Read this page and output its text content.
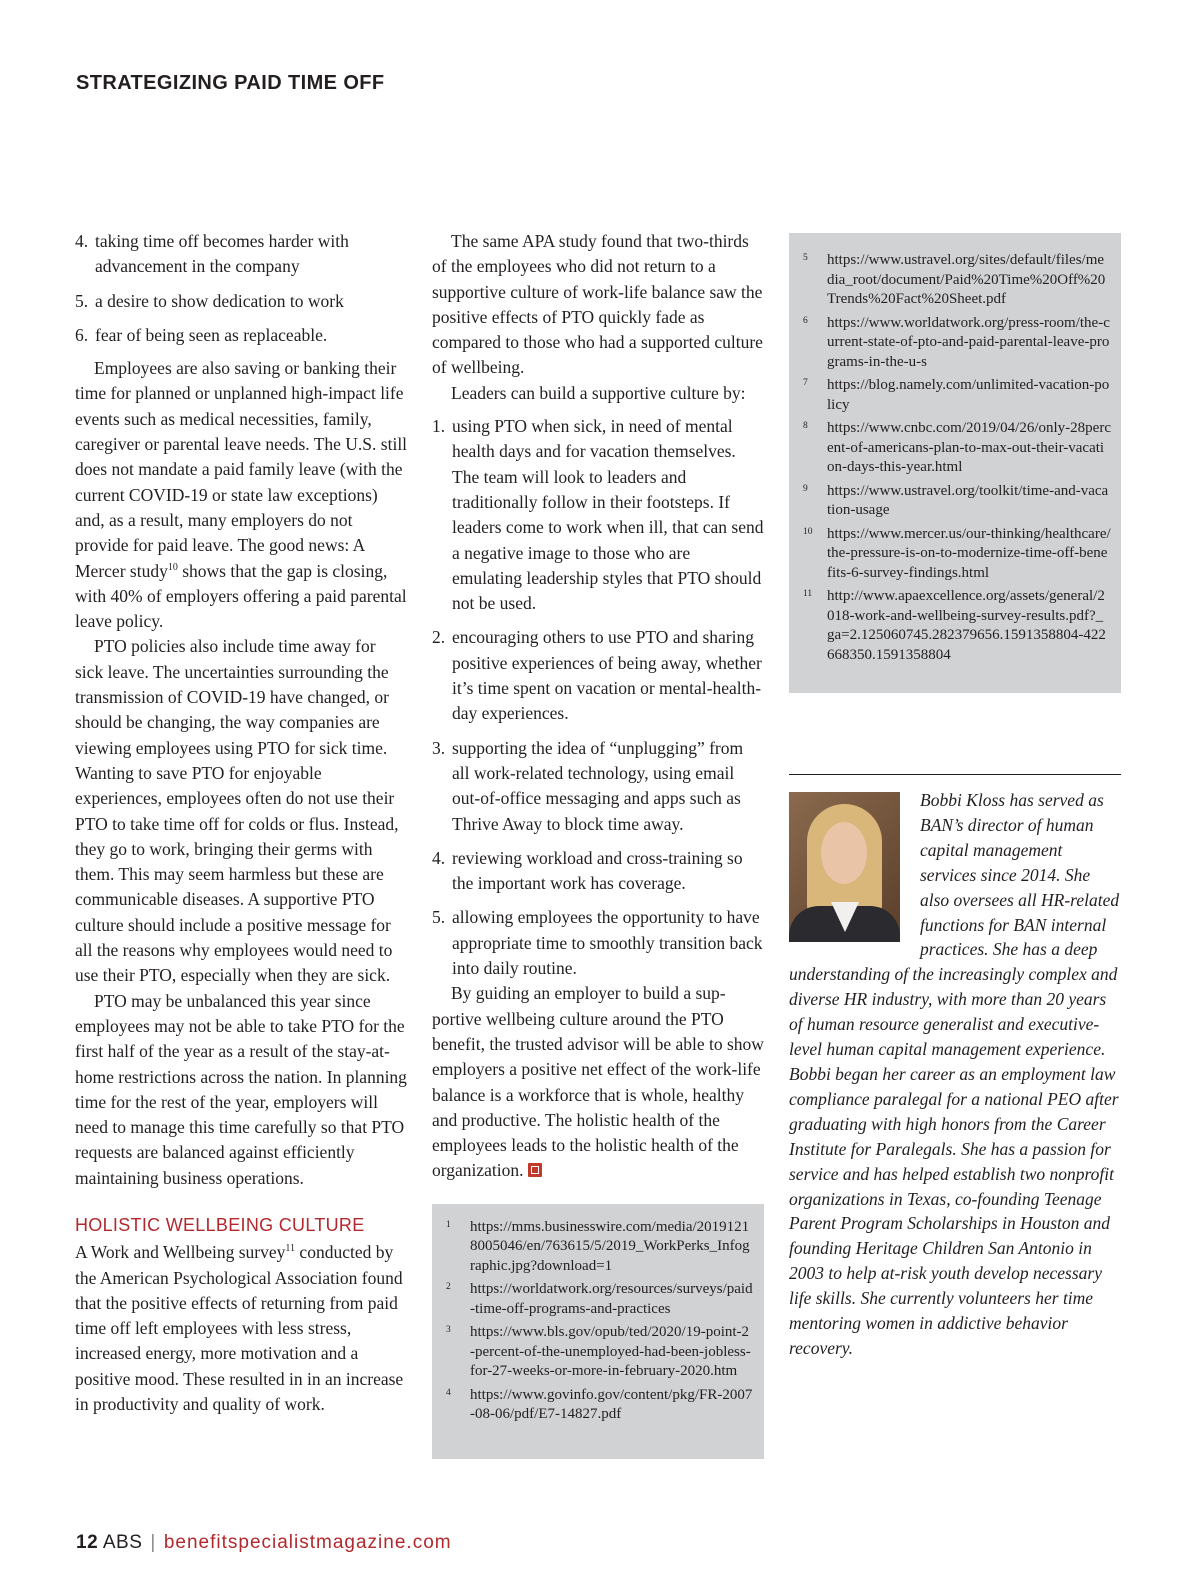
STRATEGIZING PAID TIME OFF
4. taking time off becomes harder with advancement in the company
5. a desire to show dedication to work
6. fear of being seen as replaceable.

Employees are also saving or banking their time for planned or unplanned high-impact life events such as medical necessities, family, caregiver or parental leave needs. The U.S. still does not mandate a paid family leave (with the current COVID-19 or state law exceptions) and, as a result, many employers do not provide for paid leave. The good news: A Mercer study$^{10}$ shows that the gap is closing, with 40% of employers offering a paid parental leave policy.

PTO policies also include time away for sick leave. The uncertainties surrounding the transmission of COVID-19 have changed, or should be changing, the way companies are viewing employees using PTO for sick time. Wanting to save PTO for enjoyable experiences, employees often do not use their PTO to take time off for colds or flus. Instead, they go to work, bringing their germs with them. This may seem harmless but these are communicable diseases. A supportive PTO culture should include a positive message for all the reasons why employees would need to use their PTO, especially when they are sick.

PTO may be unbalanced this year since employees may not be able to take PTO for the first half of the year as a result of the stay-at-home restrictions across the nation. In planning time for the rest of the year, employers will need to manage this time carefully so that PTO requests are balanced against efficiently maintaining business operations.

HOLISTIC WELLBEING CULTURE

A Work and Wellbeing survey$^{11}$ conducted by the American Psychological Association found that the positive effects of returning from paid time off left employees with less stress, increased energy, more motivation and a positive mood. These resulted in in an increase in productivity and quality of work.

The same APA study found that two-thirds of the employees who did not return to a supportive culture of work-life balance saw the positive effects of PTO quickly fade as compared to those who had a supported culture of wellbeing.

Leaders can build a supportive culture by:

1. using PTO when sick, in need of mental health days and for vacation themselves. The team will look to leaders and traditionally follow in their footsteps. If leaders come to work when ill, that can send a negative image to those who are emulating leadership styles that PTO should not be used.
2. encouraging others to use PTO and sharing positive experiences of being away, whether it’s time spent on vacation or mental-health-day experiences.
3. supporting the idea of “unplugging” from all work-related technology, using email out-of-office messaging and apps such as Thrive Away to block time away.
4. reviewing workload and cross-training so the important work has coverage.
5. allowing employees the opportunity to have appropriate time to smoothly transition back into daily routine.

By guiding an employer to build a supportive wellbeing culture around the PTO benefit, the trusted advisor will be able to show employers a positive net effect of the work-life balance is a workforce that is whole, healthy and productive. The holistic health of the employees leads to the holistic health of the organization.

1	https://mms.businesswire.com/media/20191218005046/en/763615/5/2019_WorkPerks_Infographic.jpg?download=1
2	https://worldatwork.org/resources/surveys/paid-time-off-programs-and-practices
3	https://www.bls.gov/opub/ted/2020/19-point-2-percent-of-the-unemployed-had-been-jobless-for-27-weeks-or-more-in-february-2020.htm
4	https://www.govinfo.gov/content/pkg/FR-2007-08-06/pdf/E7-14827.pdf
5	https://www.ustravel.org/sites/default/files/media_root/document/Paid%20Time%20Off%20Trends%20Fact%20Sheet.pdf
6	https://www.worldatwork.org/press-room/the-current-state-of-pto-and-paid-parental-leave-programs-in-the-u-s
7	https://blog.namely.com/unlimited-vacation-policy
8	https://www.cnbc.com/2019/04/26/only-28percent-of-americans-plan-to-max-out-their-vacation-days-this-year.html
9	https://www.ustravel.org/toolkit/time-and-vacation-usage
10 https://www.mercer.us/our-thinking/healthcare/the-pressure-is-on-to-modernize-time-off-benefits-6-survey-findings.html
11 http://www.apaexcellence.org/assets/general/2018-work-and-wellbeing-survey-results.pdf?_ ga=2.125060745.282379656.1591358804-422668350.1591358804
Bobbi Kloss has served as BAN’s director of human capital management services since 2014. She also oversees all HR-related functions for BAN internal practices. She has a deep understanding of the increasingly complex and diverse HR industry, with more than 20 years of human resource generalist and executive-level human capital management experience. Bobbi began her career as an employment law compliance paralegal for a national PEO after graduating with high honors from the Career Institute for Paralegals. She has a passion for service and has helped establish two nonprofit organizations in Texas, co-founding Teenage Parent Program Scholarships in Houston and founding Heritage Children San Antonio in 2003 to help at-risk youth develop necessary life skills. She currently volunteers her time mentoring women in addictive behavior recovery.
12 ABS | benefitspecialistmagazine.com
